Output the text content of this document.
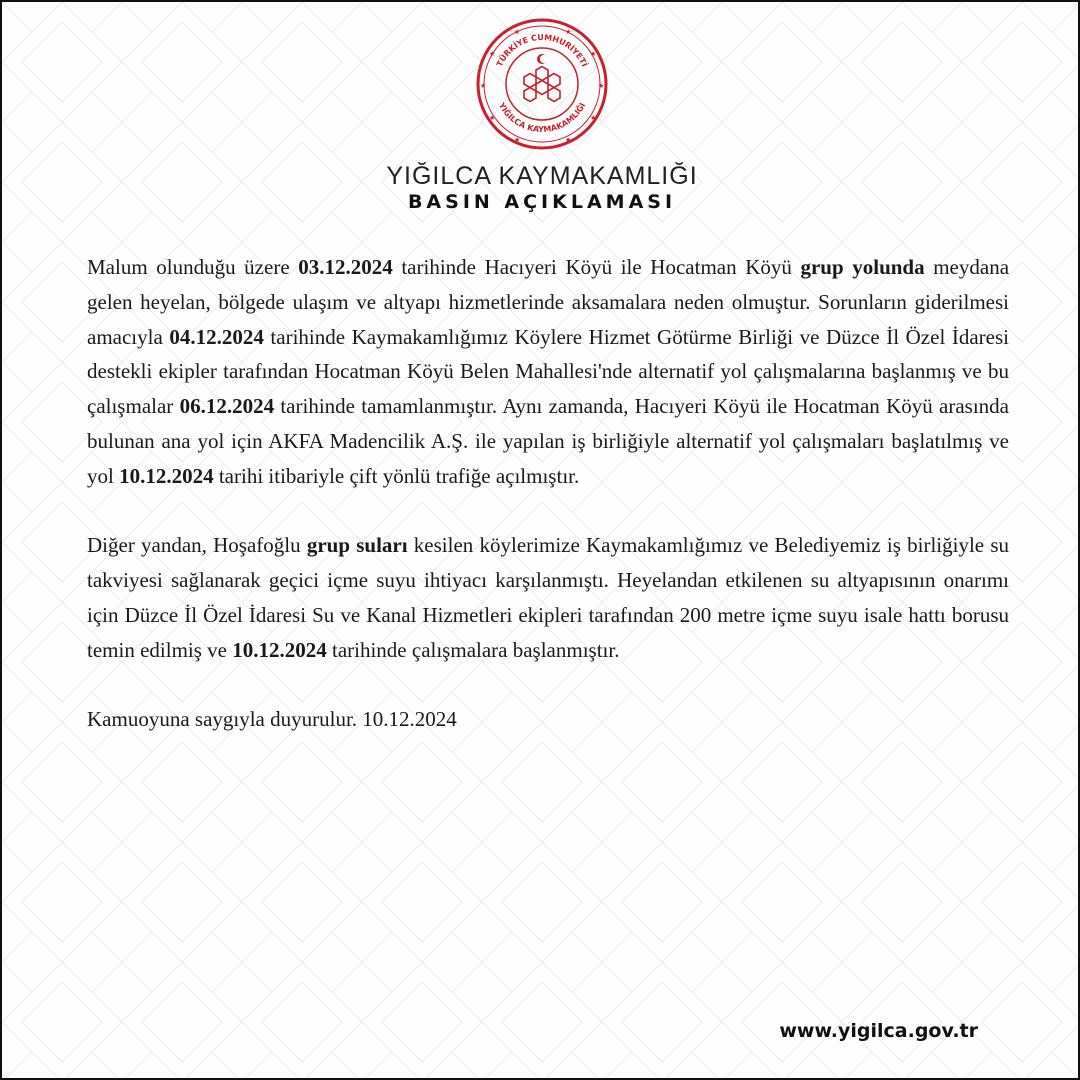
★	★
★	★
★	★
★	★
★	★
TÜRKİYE CUMHURİYETİ
YIĞILCA KAYMAKAMLIĞI
YIĞILCA KAYMAKAMLIĞI
BASIN AÇIKLAMASI

Malum olunduğu üzere 03.12.2024 tarihinde Hacıyeri Köyü ile Hocatman Köyü grup yolunda meydana gelen heyelan, bölgede ulaşım ve altyapı hizmetlerinde aksamalara neden olmuştur. Sorunların giderilmesi amacıyla 04.12.2024 tarihinde Kaymakamlığımız Köylere Hizmet Götürme Birliği ve Düzce İl Özel İdaresi destekli ekipler tarafından Hocatman Köyü Belen Mahallesi'nde alternatif yol çalışmalarına başlanmış ve bu çalışmalar 06.12.2024 tarihinde tamamlanmıştır. Aynı zamanda, Hacıyeri Köyü ile Hocatman Köyü arasında bulunan ana yol için AKFA Madencilik A.Ş. ile yapılan iş birliğiyle alternatif yol çalışmaları başlatılmış ve yol 10.12.2024 tarihi itibariyle çift yönlü trafiğe açılmıştır.

Diğer yandan, Hoşafoğlu grup suları kesilen köylerimize Kaymakamlığımız ve Belediyemiz iş birliğiyle su takviyesi sağlanarak geçici içme suyu ihtiyacı karşılanmıştı. Heyelandan etkilenen su altyapısının onarımı için Düzce İl Özel İdaresi Su ve Kanal Hizmetleri ekipleri tarafından 200 metre içme suyu isale hattı borusu temin edilmiş ve 10.12.2024 tarihinde çalışmalara başlanmıştır.

Kamuoyuna saygıyla duyurulur. 10.12.2024

www.yigilca.gov.tr
